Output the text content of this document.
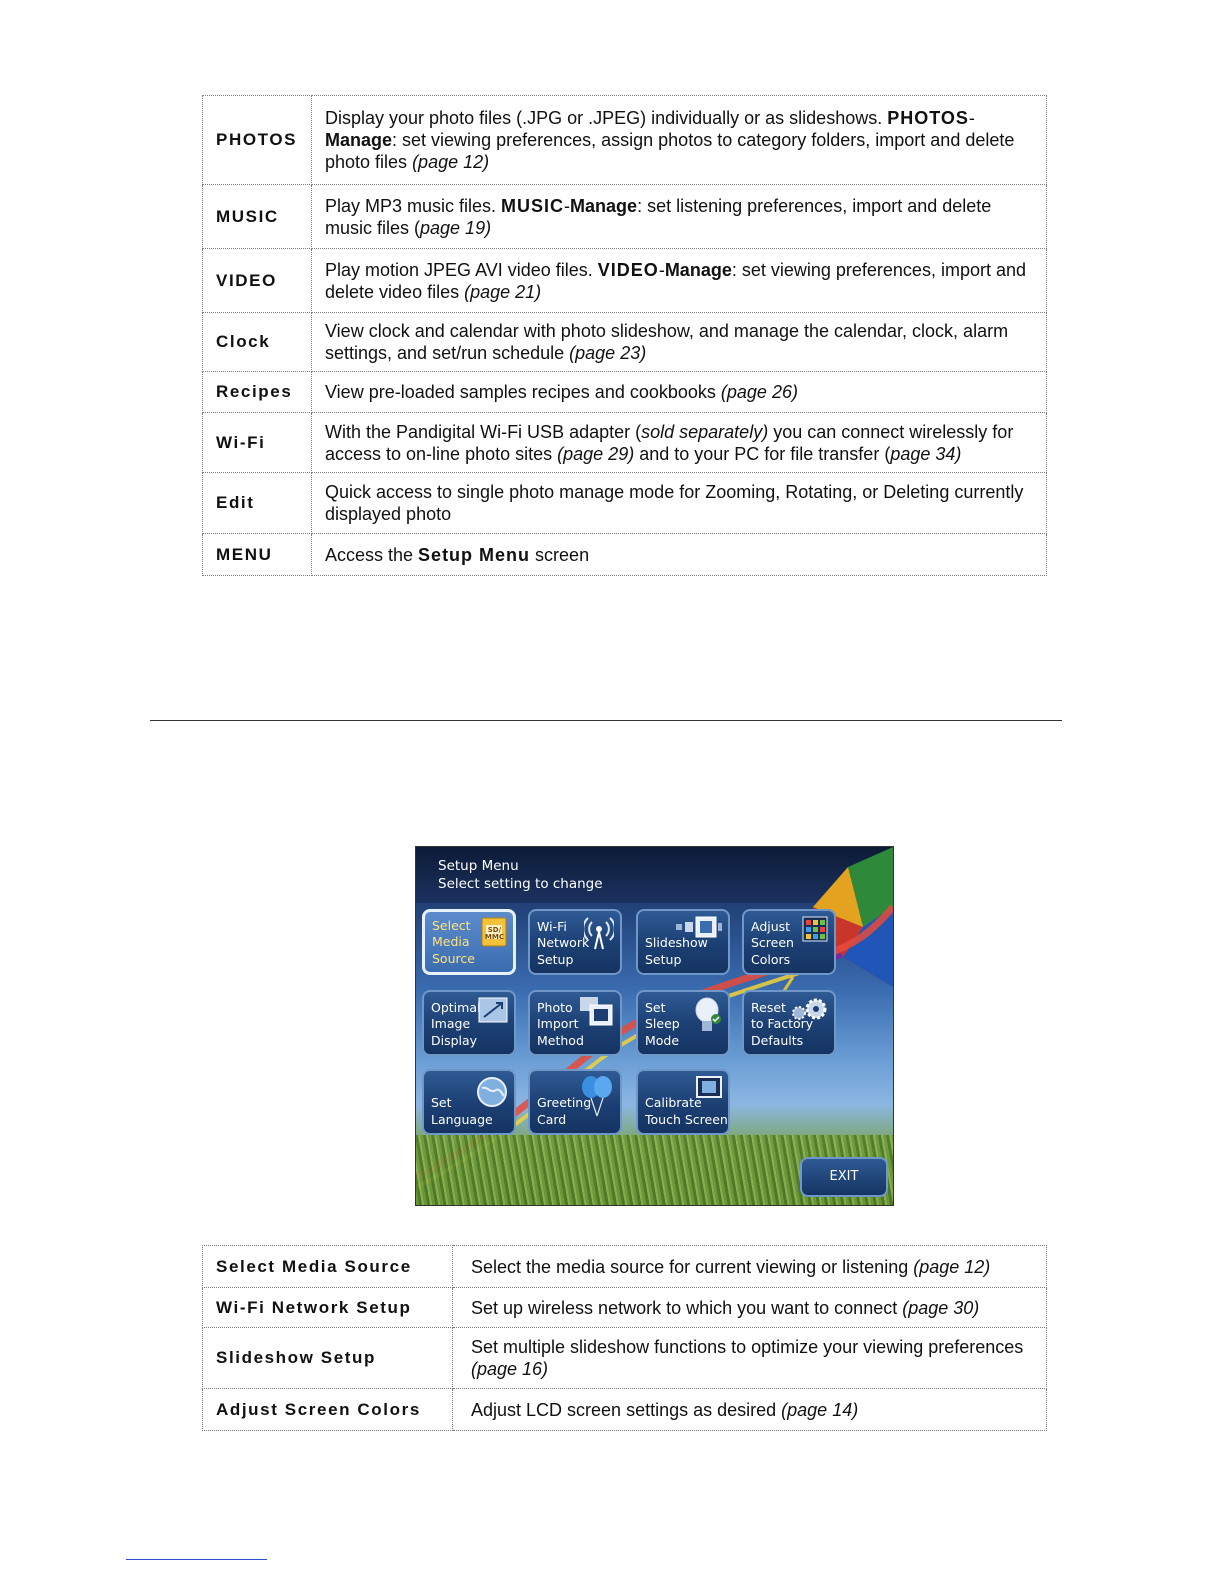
PHOTOS	Display your photo files (.JPG or .JPEG) individually or as slideshows. PHOTOS-Manage: set viewing preferences, assign photos to category folders, import and delete photo files (page 12)
MUSIC	Play MP3 music files. MUSIC-Manage: set listening preferences, import and delete music files (page 19)
VIDEO	Play motion JPEG AVI video files. VIDEO-Manage: set viewing preferences, import and delete video files (page 21)
Clock	View clock and calendar with photo slideshow, and manage the calendar, clock, alarm settings, and set/run schedule (page 23)
Recipes	View pre-loaded samples recipes and cookbooks (page 26)
Wi-Fi	With the Pandigital Wi-Fi USB adapter (sold separately) you can connect wirelessly for access to on-line photo sites (page 29) and to your PC for file transfer (page 34)
Edit	Quick access to single photo manage mode for Zooming, Rotating, or Deleting currently displayed photo
MENU	Access the Setup Menu screen
Setup Menu
Select setting to change
Select
Media
Source
SD/
MMC
Wi-Fi
Network
Setup
Slideshow
Setup
Adjust
Screen
Colors
Optimal
Image
Display
Photo
Import
Method
Set
Sleep
Mode
Reset
to Factory
Defaults
Set
Language
Greeting
Card
Calibrate
Touch Screen
EXIT
Select Media Source	Select the media source for current viewing or listening (page 12)
Wi-Fi Network Setup	Set up wireless network to which you want to connect (page 30)
Slideshow Setup	Set multiple slideshow functions to optimize your viewing preferences (page 16)
Adjust Screen Colors	Adjust LCD screen settings as desired (page 14)
